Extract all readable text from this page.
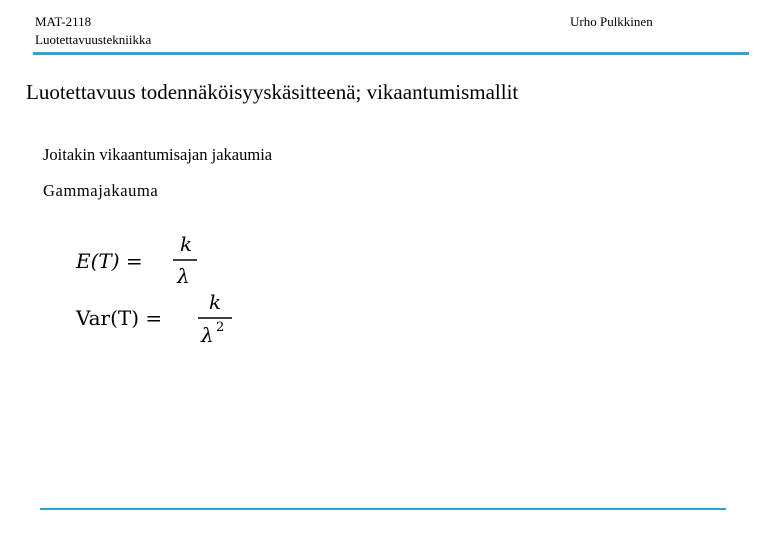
MAT-2118
Luotettavuustekniikka
Urho Pulkkinen
Luotettavuus todennäköisyyskäsitteenä; vikaantumismallit
Joitakin vikaantumisajan jakaumia
Gammajakauma
E(T) =
k
λ
Var(T) =
k
λ 2
